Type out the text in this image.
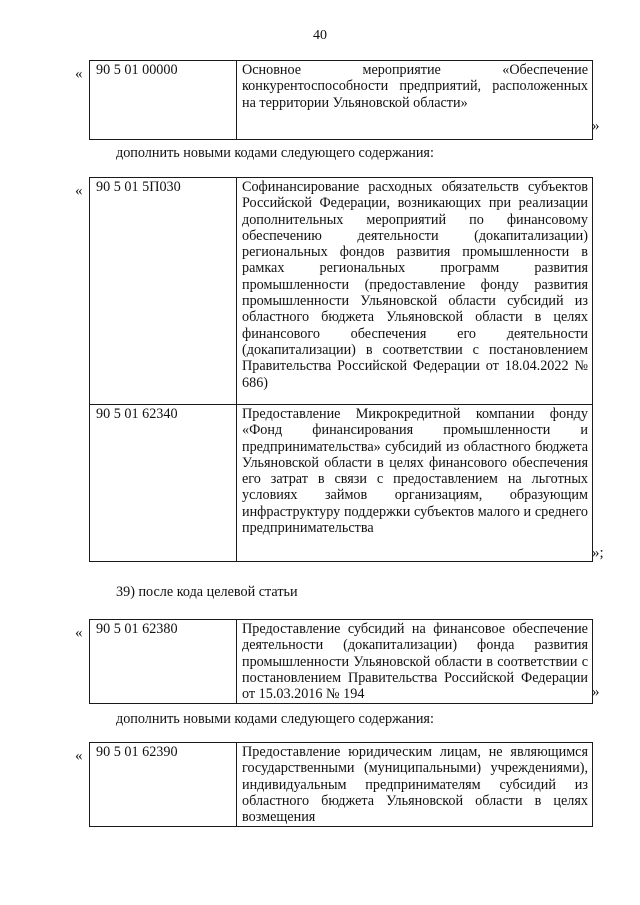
40
« 90 5 01 00000	Основное мероприятие «Обеспечение конкурентоспособности предприятий, расположенных на территории Ульяновской области»
»
дополнить новыми кодами следующего содержания:
« 90 5 01 5П030	Софинансирование расходных обязательств субъектов Российской Федерации, возникающих при реализации дополнительных мероприятий по финансовому обеспечению деятельности (докапитализации) региональных фондов развития промышленности в рамках региональных программ развития промышленности (предоставление фонду развития промышленности Ульяновской области субсидий из областного бюджета Ульяновской области в целях финансового обеспечения его деятельности (докапитализации) в соответствии с постановлением Правительства Российской Федерации от 18.04.2022 № 686)
90 5 01 62340	Предоставление Микрокредитной компании фонду «Фонд финансирования промышленности и предпринимательства» субсидий из областного бюджета Ульяновской области в целях финансового обеспечения его затрат в связи с предоставлением на льготных условиях займов организациям, образующим инфраструктуру поддержки субъектов малого и среднего предпринимательства
»;
39) после кода целевой статьи
« 90 5 01 62380	Предоставление субсидий на финансовое обеспечение деятельности (докапитализации) фонда развития промышленности Ульяновской области в соответствии с постановлением Правительства Российской Федерации от 15.03.2016 № 194	»
дополнить новыми кодами следующего содержания:
« 90 5 01 62390	Предоставление юридическим лицам, не являющимся государственными (муниципальными) учреждениями), индивидуальным предпринимателям субсидий из областного бюджета Ульяновской области в целях возмещения
